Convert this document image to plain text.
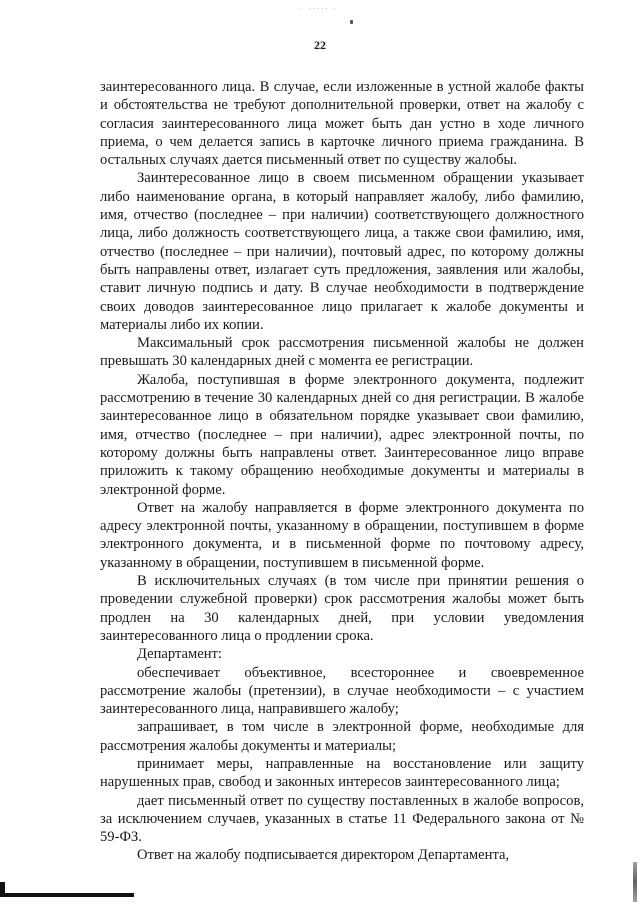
· ····· ·
22

заинтересованного лица. В случае, если изложенные в устной жалобе факты и обстоятельства не требуют дополнительной проверки, ответ на жалобу с согласия заинтересованного лица может быть дан устно в ходе личного приема, о чем делается запись в карточке личного приема гражданина. В остальных случаях дается письменный ответ по существу жалобы.

Заинтересованное лицо в своем письменном обращении указывает либо наименование органа, в который направляет жалобу, либо фамилию, имя, отчество (последнее – при наличии) соответствующего должностного лица, либо должность соответствующего лица, а также свои фамилию, имя, отчество (последнее – при наличии), почтовый адрес, по которому должны быть направлены ответ, излагает суть предложения, заявления или жалобы, ставит личную подпись и дату. В случае необходимости в подтверждение своих доводов заинтересованное лицо прилагает к жалобе документы и материалы либо их копии.

Максимальный срок рассмотрения письменной жалобы не должен превышать 30 календарных дней с момента ее регистрации.

Жалоба, поступившая в форме электронного документа, подлежит рассмотрению в течение 30 календарных дней со дня регистрации. В жалобе заинтересованное лицо в обязательном порядке указывает свои фамилию, имя, отчество (последнее – при наличии), адрес электронной почты, по которому должны быть направлены ответ. Заинтересованное лицо вправе приложить к такому обращению необходимые документы и материалы в электронной форме.

Ответ на жалобу направляется в форме электронного документа по адресу электронной почты, указанному в обращении, поступившем в форме электронного документа, и в письменной форме по почтовому адресу, указанному в обращении, поступившем в письменной форме.

В исключительных случаях (в том числе при принятии решения о проведении служебной проверки) срок рассмотрения жалобы может быть продлен на 30 календарных дней, при условии уведомления заинтересованного лица о продлении срока.

Департамент:

обеспечивает объективное, всестороннее и своевременное рассмотрение жалобы (претензии), в случае необходимости – с участием заинтересованного лица, направившего жалобу;

запрашивает, в том числе в электронной форме, необходимые для рассмотрения жалобы документы и материалы;

принимает меры, направленные на восстановление или защиту нарушенных прав, свобод и законных интересов заинтересованного лица;

дает письменный ответ по существу поставленных в жалобе вопросов, за исключением случаев, указанных в статье 11 Федерального закона от № 59-ФЗ.

Ответ на жалобу подписывается директором Департамента,
